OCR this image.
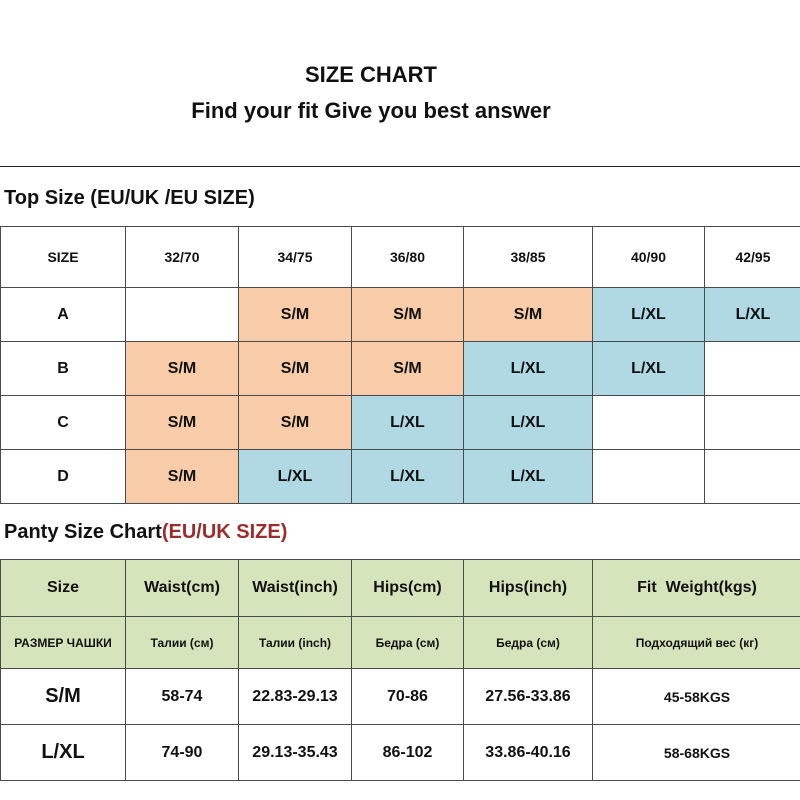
SIZE CHART
Find your fit Give you best answer
Top Size (EU/UK /EU SIZE)
SIZE	32/70	34/75	36/80	38/85	40/90	42/95
A		S/M	S/M	S/M	L/XL	L/XL
B	S/M	S/M	S/M	L/XL	L/XL	
C	S/M	S/M	L/XL	L/XL		
D	S/M	L/XL	L/XL	L/XL		
Panty Size Chart(EU/UK SIZE)
Size	Waist(cm)	Waist(inch)	Hips(cm)	Hips(inch)	Fit  Weight(kgs)
РАЗМЕР ЧАШКИ	Талии (см)	Талии (inch)	Бедра (см)	Бедра (см)	Подходящий вес (кг)
S/M	58-74	22.83-29.13	70-86	27.56-33.86	45-58KGS
L/XL	74-90	29.13-35.43	86-102	33.86-40.16	58-68KGS
